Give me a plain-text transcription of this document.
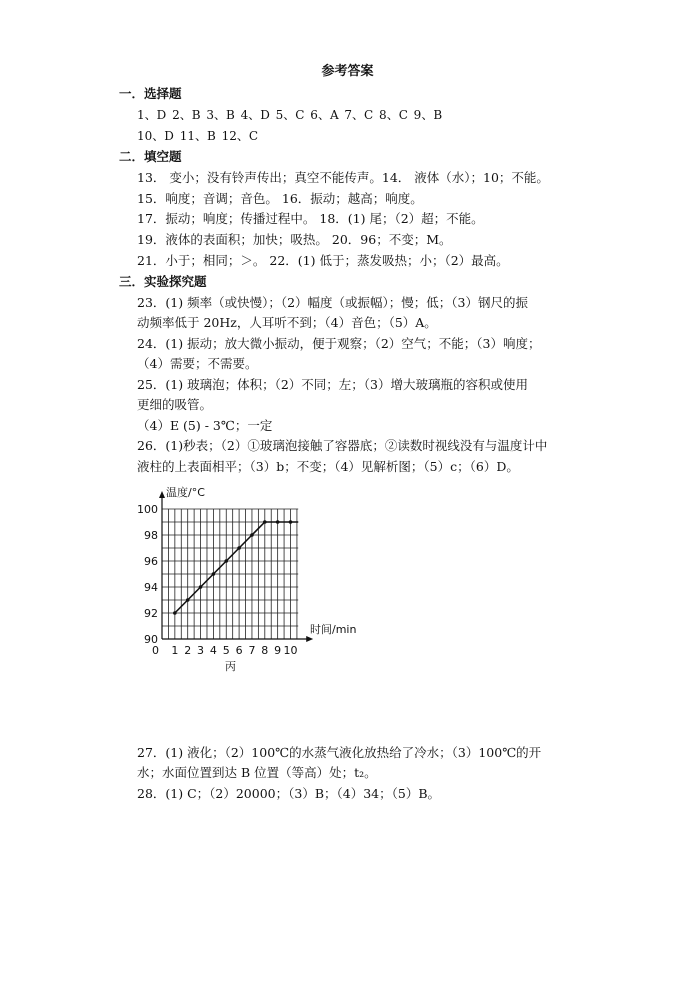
参考答案
一．选择题
1、D 2、B 3、B 4、D 5、C 6、A 7、C 8、C 9、B
10、D 11、B 12、C
二．填空题
13． 变小；没有铃声传出；真空不能传声。14． 液体（水）；10；不能。
15．响度；音调；音色。 16．振动；越高；响度。
17．振动；响度；传播过程中。 18．(1) 尾；（2）超；不能。
19．液体的表面积；加快；吸热。 20．96；不变；M。
21．小于；相同；＞。 22．(1) 低于；蒸发吸热；小；（2）最高。
三．实验探究题
23．(1) 频率（或快慢）；（2）幅度（或振幅）；慢；低；（3）钢尺的振
动频率低于 20Hz，人耳听不到；（4）音色；（5）A。
24．(1) 振动；放大微小振动，便于观察；（2）空气；不能；（3）响度；
（4）需要；不需要。
25．(1) 玻璃泡；体积；（2）不同；左；（3）增大玻璃瓶的容积或使用
更细的吸管。
（4）E (5) - 3℃；一定
26．(1)秒表；（2）①玻璃泡接触了容器底；②读数时视线没有与温度计中
液柱的上表面相平；（3）b；不变；（4）见解析图；（5）c；（6）D。
1 2 3 4 5 6 7 8 9 10
0
90
92
94
96
98
100
温度/°C
时间/min
丙
27．(1) 液化；（2）100℃的水蒸气液化放热给了冷水；（3）100℃的开
水；水面位置到达 B 位置（等高）处；t₂。
28．(1) C；（2）20000；（3）B；（4）34；（5）B。
